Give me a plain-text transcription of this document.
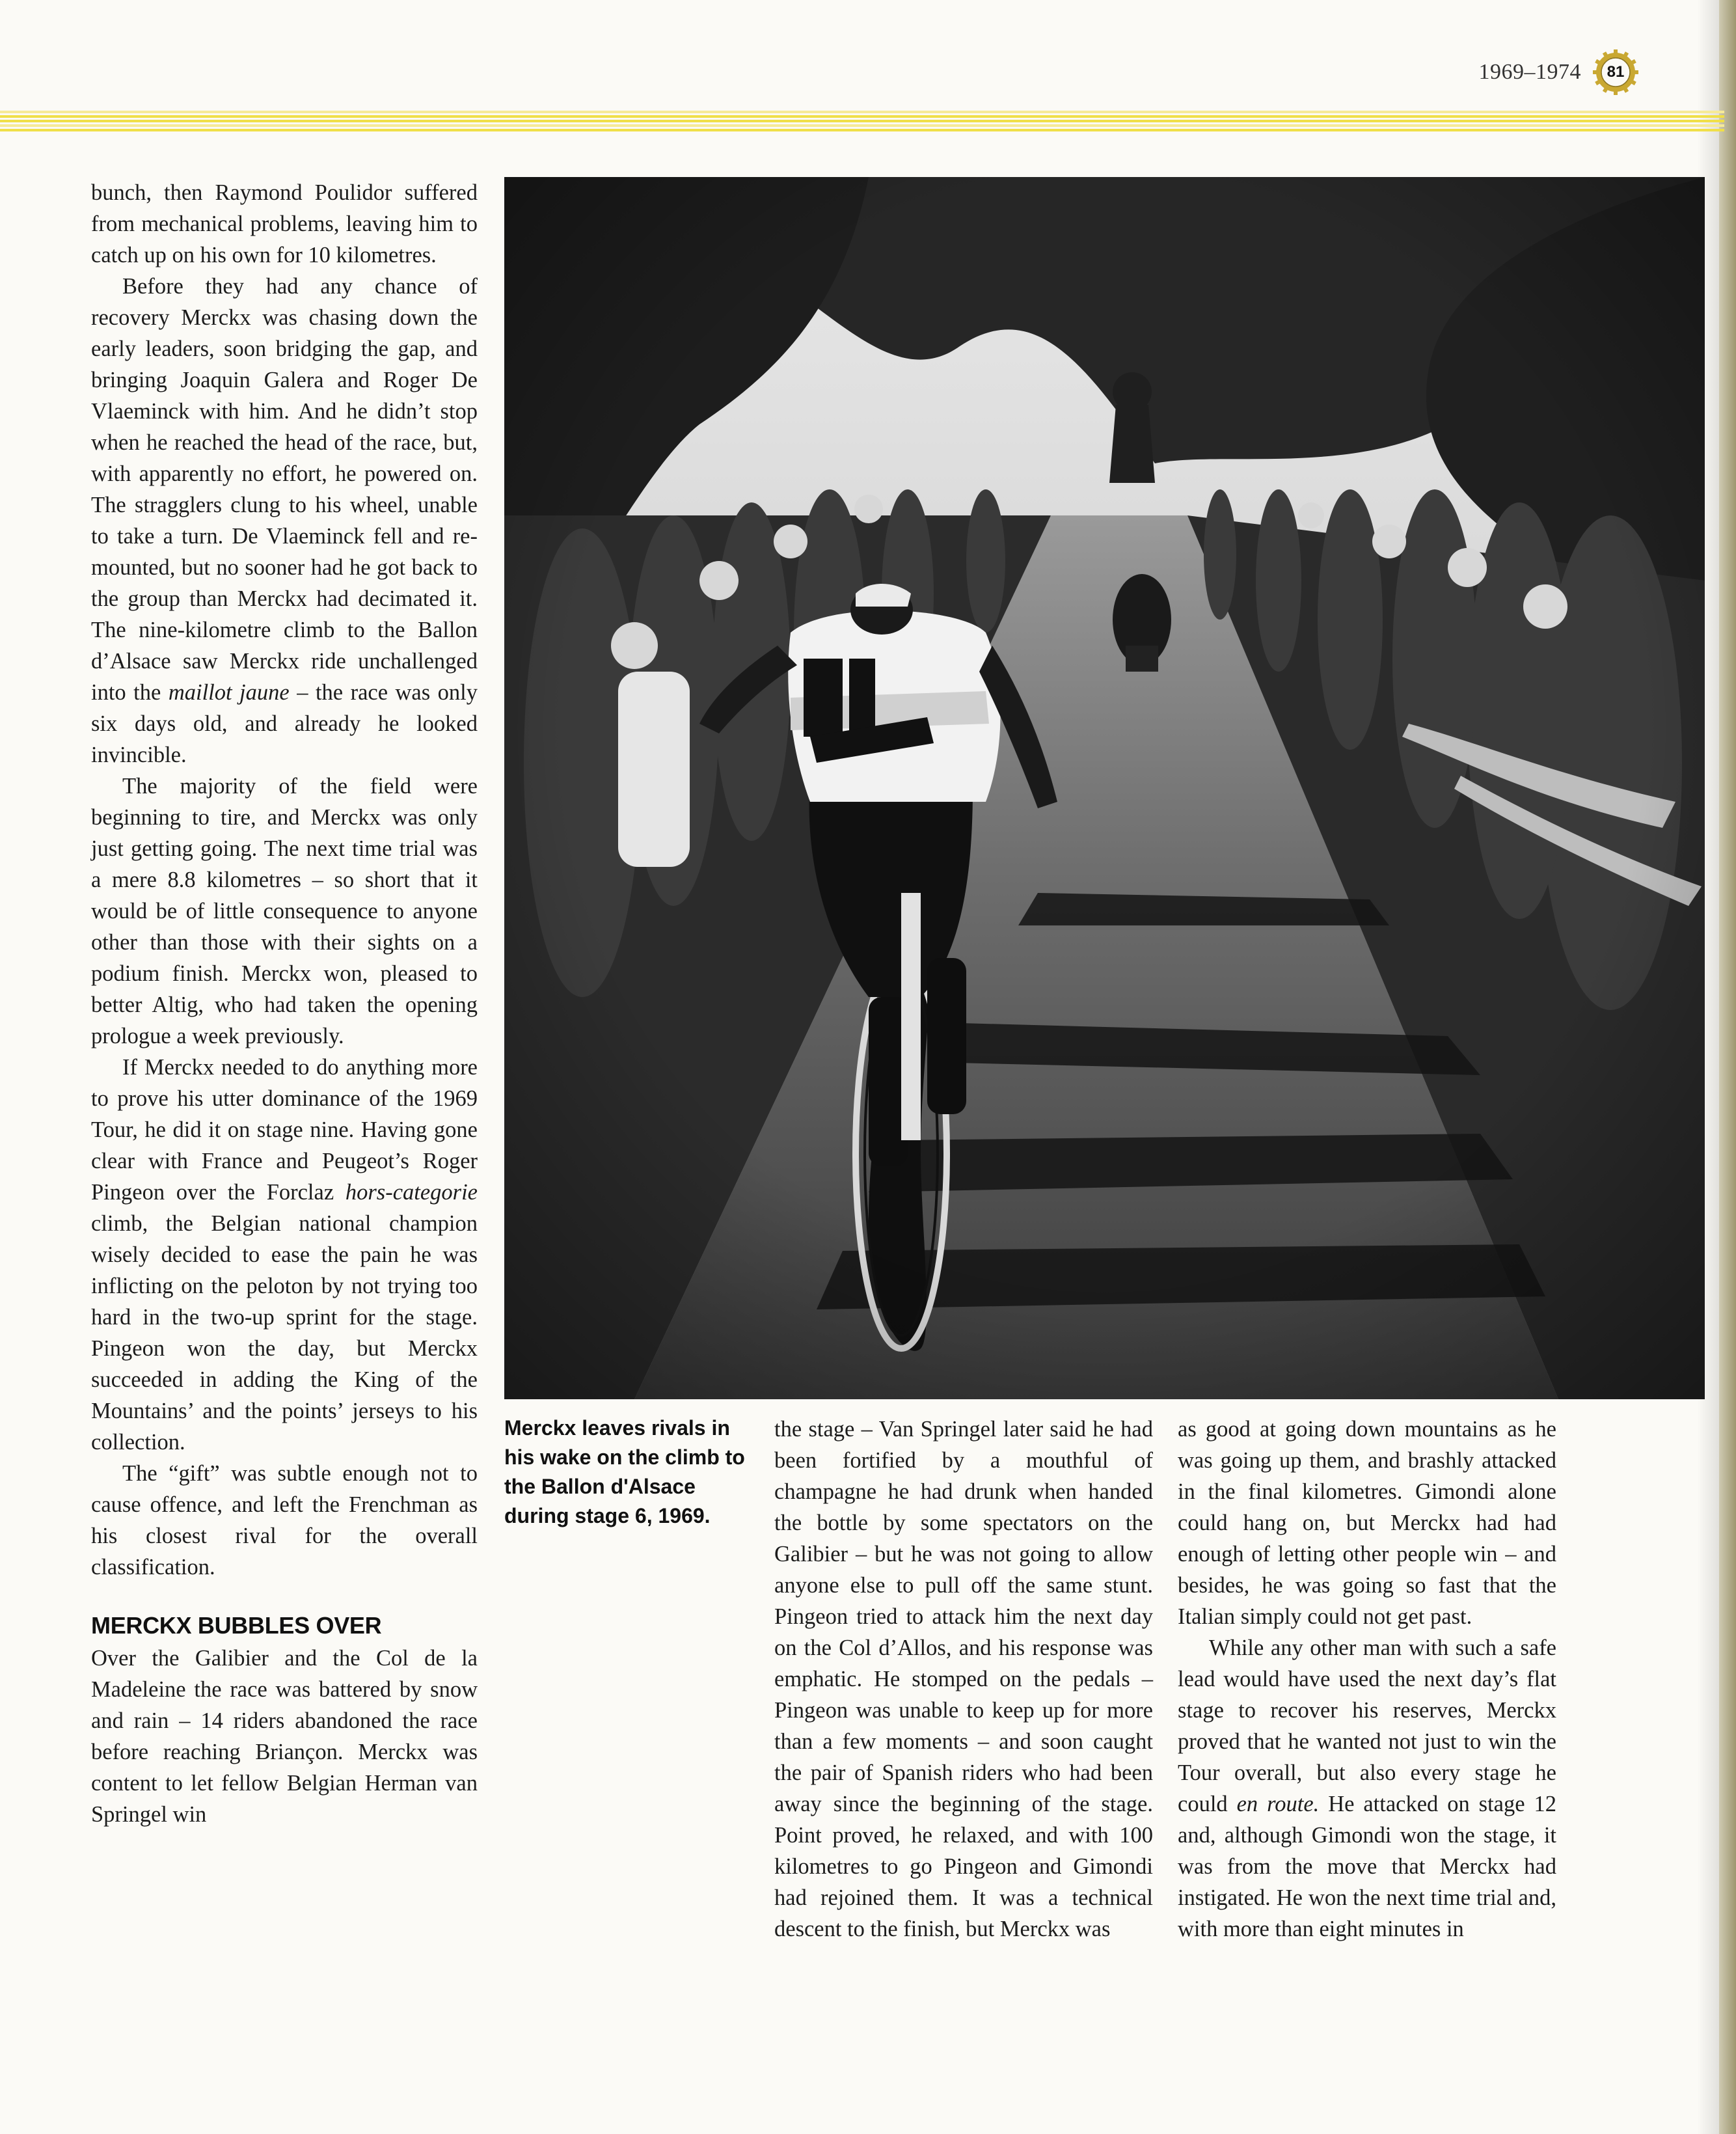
1969–1974	81

bunch, then Raymond Poulidor suffered from mechanical problems, leaving him to catch up on his own for 10 kilometres.

Before they had any chance of recovery Merckx was chasing down the early leaders, soon bridging the gap, and bringing Joaquin Galera and Roger De Vlaeminck with him. And he didn’t stop when he reached the head of the race, but, with apparently no effort, he powered on. The stragglers clung to his wheel, unable to take a turn. De Vlaeminck fell and re-mounted, but no sooner had he got back to the group than Merckx had decimated it. The nine-kilometre climb to the Ballon d’Alsace saw Merckx ride unchallenged into the maillot jaune – the race was only six days old, and already he looked invincible.

The majority of the field were beginning to tire, and Merckx was only just getting going. The next time trial was a mere 8.8 kilometres – so short that it would be of little consequence to anyone other than those with their sights on a podium finish. Merckx won, pleased to better Altig, who had taken the opening prologue a week previously.

If Merckx needed to do anything more to prove his utter dominance of the 1969 Tour, he did it on stage nine. Having gone clear with France and Peugeot’s Roger Pingeon over the Forclaz hors-categorie climb, the Belgian national champion wisely decided to ease the pain he was inflicting on the peloton by not trying too hard in the two-up sprint for the stage. Pingeon won the day, but Merckx succeeded in adding the King of the Mountains’ and the points’ jerseys to his collection.

The “gift” was subtle enough not to cause offence, and left the Frenchman as his closest rival for the overall classification.

MERCKX BUBBLES OVER

Over the Galibier and the Col de la Madeleine the race was battered by snow and rain – 14 riders abandoned the race before reaching Briançon. Merckx was content to let fellow Belgian Herman van Springel win

Merckx leaves rivals in his wake on the climb to the Ballon d'Alsace during stage 6, 1969.

the stage – Van Springel later said he had been fortified by a mouthful of champagne he had drunk when handed the bottle by some spectators on the Galibier – but he was not going to allow anyone else to pull off the same stunt. Pingeon tried to attack him the next day on the Col d’Allos, and his response was emphatic. He stomped on the pedals – Pingeon was unable to keep up for more than a few moments – and soon caught the pair of Spanish riders who had been away since the beginning of the stage. Point proved, he relaxed, and with 100 kilometres to go Pingeon and Gimondi had rejoined them. It was a technical descent to the finish, but Merckx was

as good at going down mountains as he was going up them, and brashly attacked in the final kilometres. Gimondi alone could hang on, but Merckx had had enough of letting other people win – and besides, he was going so fast that the Italian simply could not get past.

While any other man with such a safe lead would have used the next day’s flat stage to recover his reserves, Merckx proved that he wanted not just to win the Tour overall, but also every stage he could en route. He attacked on stage 12 and, although Gimondi won the stage, it was from the move that Merckx had instigated. He won the next time trial and, with more than eight minutes in
